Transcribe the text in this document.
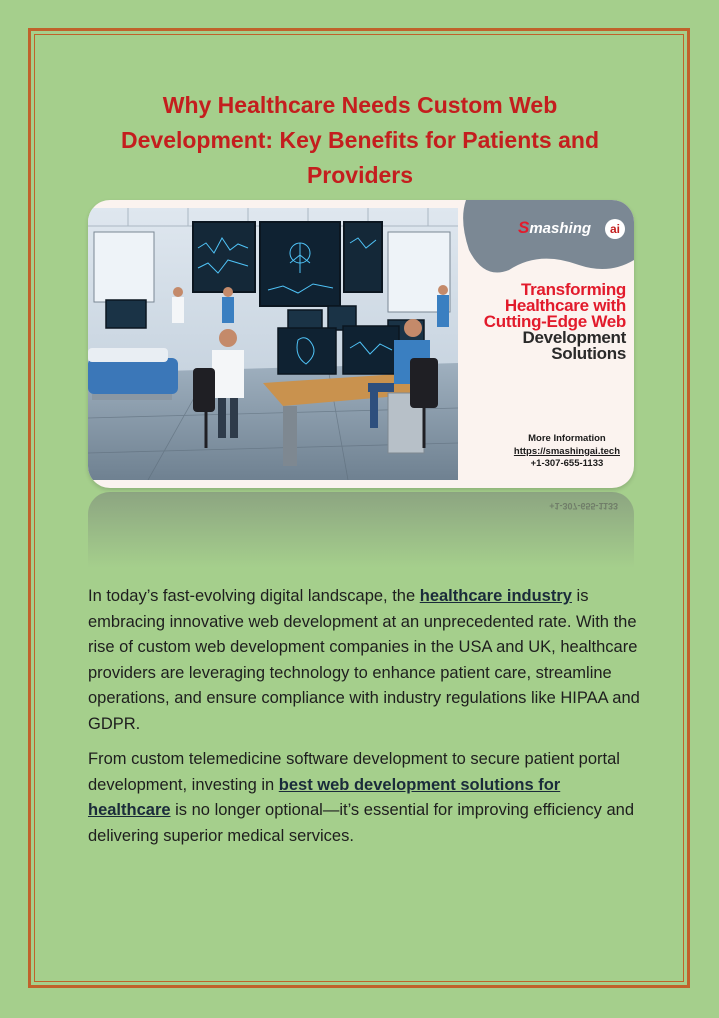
Why Healthcare Needs Custom Web
Development: Key Benefits for Patients and
Providers
Smashing	ai
Transforming
Healthcare with
Cutting-Edge Web
Development
Solutions
More Information
https://smashingai.tech
+1-307-655-1133
+1-307-655-1133

In today’s fast-evolving digital landscape, the healthcare industry is embracing innovative web development at an unprecedented rate. With the rise of custom web development companies in the USA and UK, healthcare providers are leveraging technology to enhance patient care, streamline operations, and ensure compliance with industry regulations like HIPAA and GDPR.

From custom telemedicine software development to secure patient portal development, investing in best web development solutions for healthcare is no longer optional—it’s essential for improving efficiency and delivering superior medical services.
